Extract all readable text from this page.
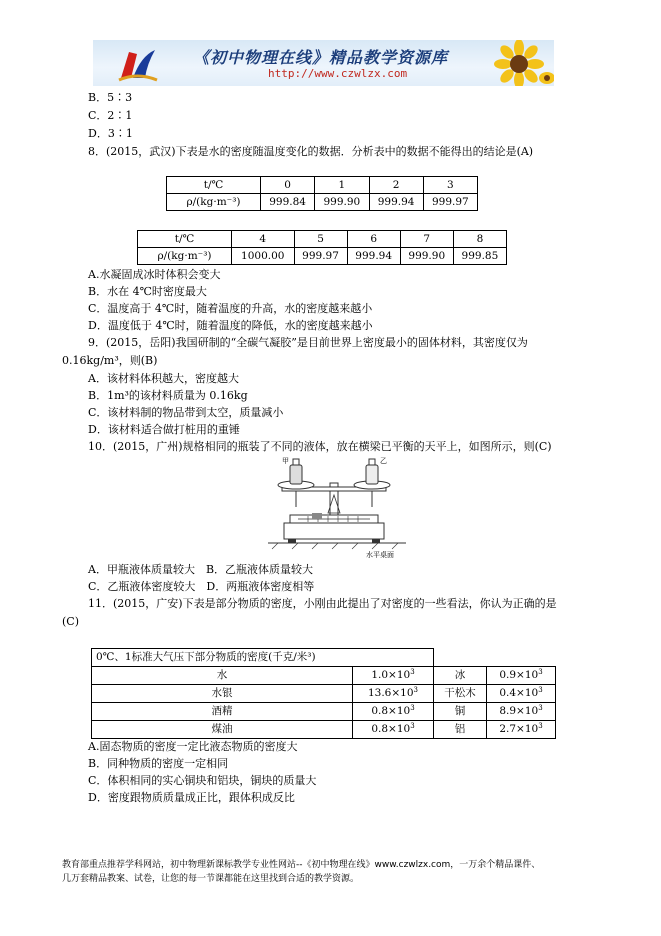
《初中物理在线》精品教学资源库
http://www.czwlzx.com
B．5∶3
C．2∶1
D．3∶1
8．(2015，武汉)下表是水的密度随温度变化的数据．分析表中的数据不能得出的结论是(A)
t/℃	0	1	2	3
ρ/(kg·m⁻³)	999.84	999.90	999.94	999.97
t/℃	4	5	6	7	8
ρ/(kg·m⁻³)	1000.00	999.97	999.94	999.90	999.85
A.水凝固成冰时体积会变大
B．水在 4℃时密度最大
C．温度高于 4℃时，随着温度的升高，水的密度越来越小
D．温度低于 4℃时，随着温度的降低，水的密度越来越小
9．(2015，岳阳)我国研制的“全碳气凝胶”是目前世界上密度最小的固体材料，其密度仅为
0.16kg/m³，则(B)
A．该材料体积越大，密度越大
B．1m³的该材料质量为 0.16kg
C．该材料制的物品带到太空，质量减小
D．该材料适合做打桩用的重锤
10．(2015，广州)规格相同的瓶装了不同的液体，放在横梁已平衡的天平上，如图所示，则(C)
甲	乙
水平桌面
A．甲瓶液体质量较大　B．乙瓶液体质量较大
C．乙瓶液体密度较大　D．两瓶液体密度相等
11．(2015，广安)下表是部分物质的密度，小刚由此提出了对密度的一些看法，你认为正确的是
(C)
0℃、1标准大气压下部分物质的密度(千克/米³)			
水	$1.0\times 10^3$	冰	$0.9\times 10^3$
水银	$13.6\times 10^3$	干松木	$0.4\times 10^3$
酒精	$0.8\times 10^3$	铜	$8.9\times 10^3$
煤油	$0.8\times 10^3$	铝	$2.7\times 10^3$
A.固态物质的密度一定比液态物质的密度大
B．同种物质的密度一定相同
C．体积相同的实心铜块和铝块，铜块的质量大
D．密度跟物质质量成正比，跟体积成反比
教育部重点推荐学科网站，初中物理新课标教学专业性网站--《初中物理在线》www.czwlzx.com，一万余个精品课件、
几万套精品教案、试卷，让您的每一节课都能在这里找到合适的教学资源。
